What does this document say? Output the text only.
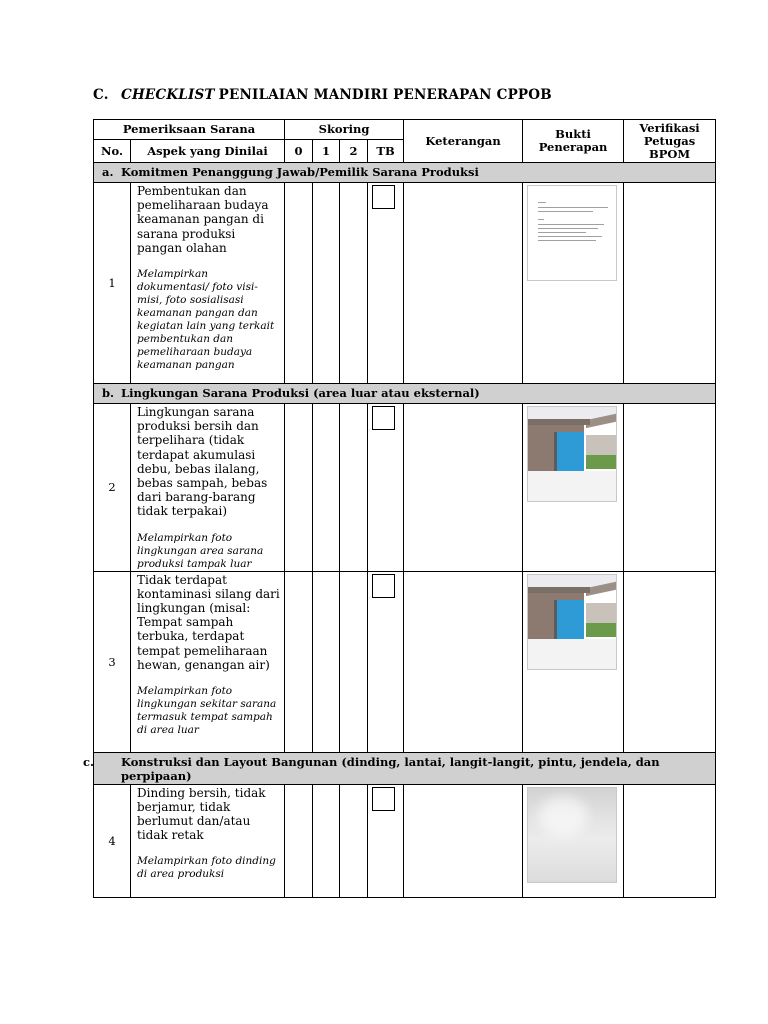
C. CHECKLIST PENILAIAN MANDIRI PENERAPAN CPPOB
Pemeriksaan Sarana		Skoring				Keterangan	Bukti Penerapan	Verifikasi Petugas BPOM
No.	Aspek yang Dinilai	0	1	2	TB			
a. Komitmen Penanggung Jawab/Pemilik Sarana Produksi								
1	Pembentukan dan pemeliharaan budaya keamanan pangan di sarana produksi pangan olahan
Melampirkan dokumentasi/ foto visi-misi, foto sosialisasi keamanan pangan dan kegiatan lain yang terkait pembentukan dan pemeliharaan budaya keamanan pangan							

b. Lingkungan Sarana Produksi (area luar atau eksternal)								
2	Lingkungan sarana produksi bersih dan terpelihara (tidak terdapat akumulasi debu, bebas ilalang, bebas sampah, bebas dari barang-barang tidak terpakai)
Melampirkan foto lingkungan area sarana produksi tampak luar							

3	Tidak terdapat kontaminasi silang dari lingkungan (misal: Tempat sampah terbuka, terdapat tempat pemeliharaan hewan, genangan air)
Melampirkan foto lingkungan sekitar sarana termasuk tempat sampah di area luar							

c. Konstruksi dan Layout Bangunan (dinding, lantai, langit-langit, pintu, jendela, dan perpipaan)								

4	Dinding bersih, tidak berjamur, tidak berlumut dan/atau tidak retak
Melampirkan foto dinding di area produksi							
